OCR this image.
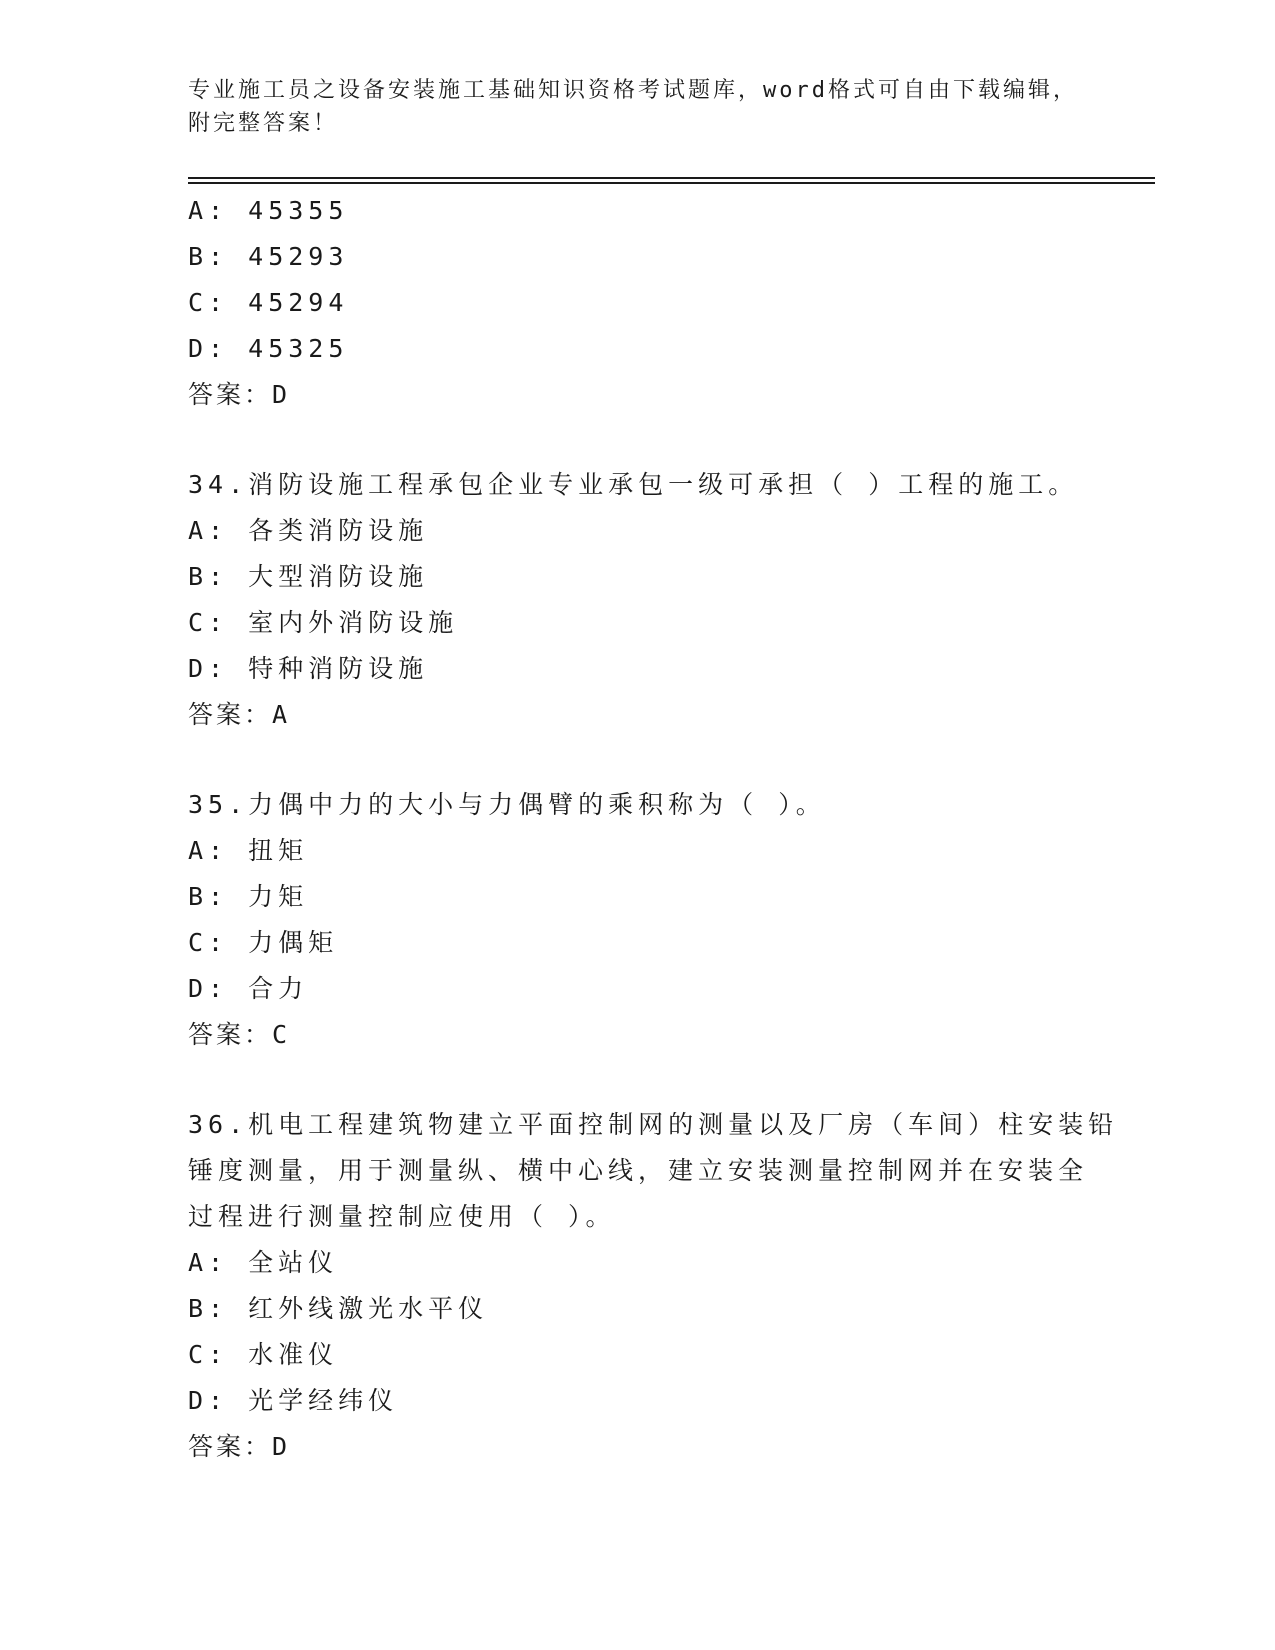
专业施工员之设备安装施工基础知识资格考试题库，word格式可自由下载编辑，
附完整答案！
A: 45355
B: 45293
C: 45294
D: 45325
答案：D
34.消防设施工程承包企业专业承包一级可承担（ ）工程的施工。
A: 各类消防设施
B: 大型消防设施
C: 室内外消防设施
D: 特种消防设施
答案：A
35.力偶中力的大小与力偶臂的乘积称为（ ）。
A: 扭矩
B: 力矩
C: 力偶矩
D: 合力
答案：C
36.机电工程建筑物建立平面控制网的测量以及厂房（车间）柱安装铅
锤度测量，用于测量纵、横中心线，建立安装测量控制网并在安装全
过程进行测量控制应使用（ ）。
A: 全站仪
B: 红外线激光水平仪
C: 水准仪
D: 光学经纬仪
答案：D
